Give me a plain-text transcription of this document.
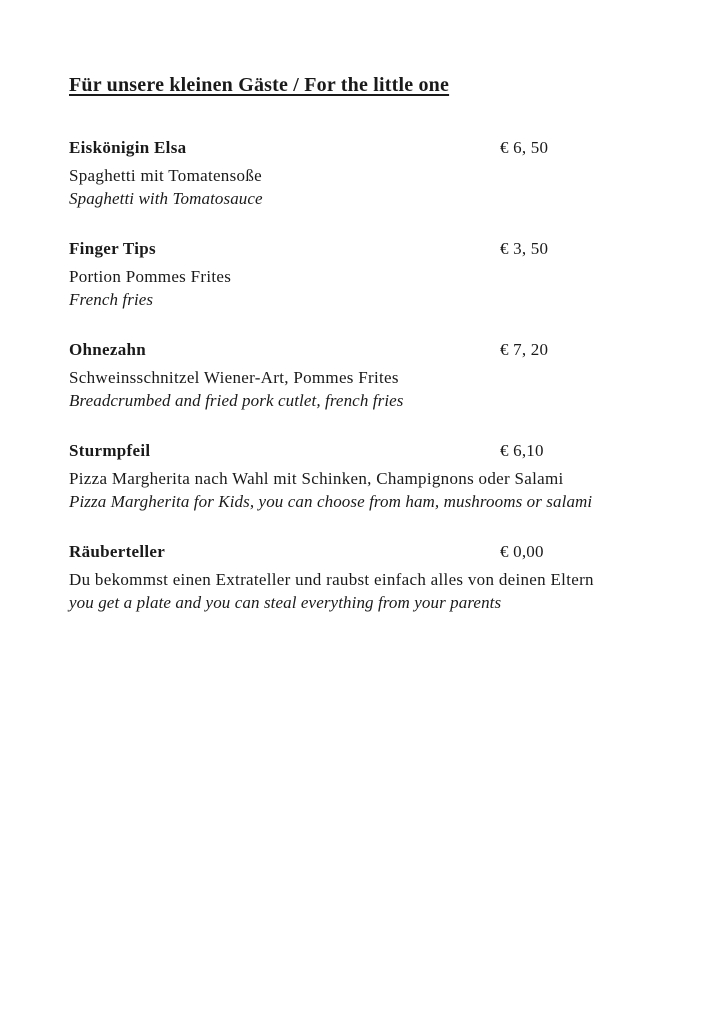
Für unsere kleinen Gäste / For the little one
Eiskönigin Elsa	€ 6, 50
Spaghetti mit Tomatensoße
Spaghetti with Tomatosauce
Finger Tips	€ 3, 50
Portion Pommes Frites
French fries
Ohnezahn	€ 7, 20
Schweinsschnitzel Wiener-Art, Pommes Frites
Breadcrumbed and fried pork cutlet, french fries
Sturmpfeil	€ 6,10
Pizza Margherita nach Wahl mit Schinken, Champignons oder Salami
Pizza Margherita for Kids, you can choose from ham, mushrooms or salami
Räuberteller	€ 0,00
Du bekommst einen Extrateller und raubst einfach alles von deinen Eltern
you get a plate and you can steal everything from your parents
